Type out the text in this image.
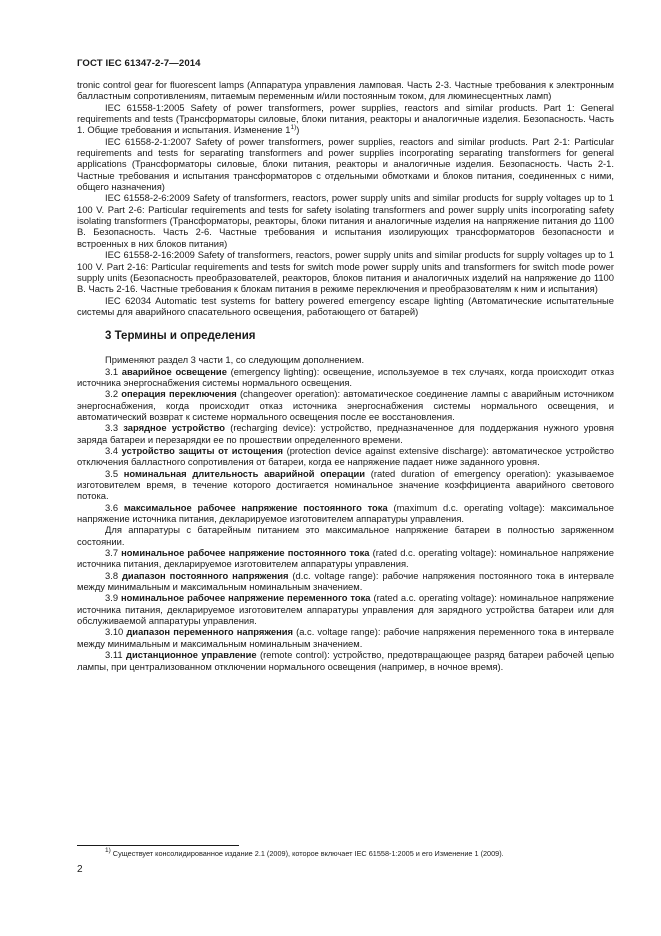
ГОСТ IEC 61347-2-7—2014

tronic control gear for fluorescent lamps (Аппаратура управления ламповая. Часть 2-3. Частные требования к электронным балластным сопротивлениям, питаемым переменным и/или постоянным током, для люминесцентных ламп)

IEC 61558-1:2005 Safety of power transformers, power supplies, reactors and similar products. Part 1: General requirements and tests (Трансформаторы силовые, блоки питания, реакторы и аналогичные изделия. Безопасность. Часть 1. Общие требования и испытания. Изменение 1$^{1)}$)

IEC 61558-2-1:2007 Safety of power transformers, power supplies, reactors and similar products. Part 2-1: Particular requirements and tests for separating transformers and power supplies incorporating separating transformers for general applications (Трансформаторы силовые, блоки питания, реакторы и аналогичные изделия. Безопасность. Часть 2-1. Частные требования и испытания трансформаторов с отдельными обмотками и блоков питания, соединенных с ними, общего назначения)

IEC 61558-2-6:2009 Safety of transformers, reactors, power supply units and similar products for supply voltages up to 1 100 V. Part 2-6: Particular requirements and tests for safety isolating transformers and power supply units incorporating safety isolating transformers (Трансформаторы, реакторы, блоки питания и аналогичные изделия на напряжение питания до 1100 В. Безопасность. Часть 2-6. Частные требования и испытания изолирующих трансформаторов безопасности и встроенных в них блоков питания)

IEC 61558-2-16:2009 Safety of transformers, reactors, power supply units and similar products for supply voltages up to 1 100 V. Part 2-16: Particular requirements and tests for switch mode power supply units and transformers for switch mode power supply units (Безопасность преобразователей, реакторов, блоков питания и аналогичных изделий на напряжение до 1100 В. Часть 2-16. Частные требования к блокам питания в режиме переключения и преобразователям к ним и испытания)

IEC 62034 Automatic test systems for battery powered emergency escape lighting (Автоматические испытательные системы для аварийного спасательного освещения, работающего от батарей)

3 Термины и определения

Применяют раздел 3 части 1, со следующим дополнением.

3.1 аварийное освещение (emergency lighting): освещение, используемое в тех случаях, когда происходит отказ источника энергоснабжения системы нормального освещения.

3.2 операция переключения (changeover operation): автоматическое соединение лампы с аварийным источником энергоснабжения, когда происходит отказ источника энергоснабжения системы нормального освещения, и автоматический возврат к системе нормального освещения после ее восстановления.

3.3 зарядное устройство (recharging device): устройство, предназначенное для поддержания нужного уровня заряда батареи и перезарядки ее по прошествии определенного времени.

3.4 устройство защиты от истощения (protection device against extensive discharge): автоматическое устройство отключения балластного сопротивления от батареи, когда ее напряжение падает ниже заданного уровня.

3.5 номинальная длительность аварийной операции (rated duration of emergency operation): указываемое изготовителем время, в течение которого достигается номинальное значение коэффициента аварийного светового потока.

3.6 максимальное рабочее напряжение постоянного тока (maximum d.c. operating voltage): максимальное напряжение источника питания, декларируемое изготовителем аппаратуры управления.

Для аппаратуры с батарейным питанием это максимальное напряжение батареи в полностью заряженном состоянии.

3.7 номинальное рабочее напряжение постоянного тока (rated d.c. operating voltage): номинальное напряжение источника питания, декларируемое изготовителем аппаратуры управления.

3.8 диапазон постоянного напряжения (d.c. voltage range): рабочие напряжения постоянного тока в интервале между минимальным и максимальным номинальным значением.

3.9 номинальное рабочее напряжение переменного тока (rated a.c. operating voltage): номинальное напряжение источника питания, декларируемое изготовителем аппаратуры управления для зарядного устройства батареи или для обслуживаемой аппаратуры управления.

3.10 диапазон переменного напряжения (a.c. voltage range): рабочие напряжения переменного тока в интервале между минимальным и максимальным номинальным значением.

3.11 дистанционное управление (remote control): устройство, предотвращающее разряд батареи рабочей цепью лампы, при централизованном отключении нормального освещения (например, в ночное время).

$^{1)}$ Существует консолидированное издание 2.1 (2009), которое включает IEC 61558-1:2005 и его Изменение 1 (2009).
2
